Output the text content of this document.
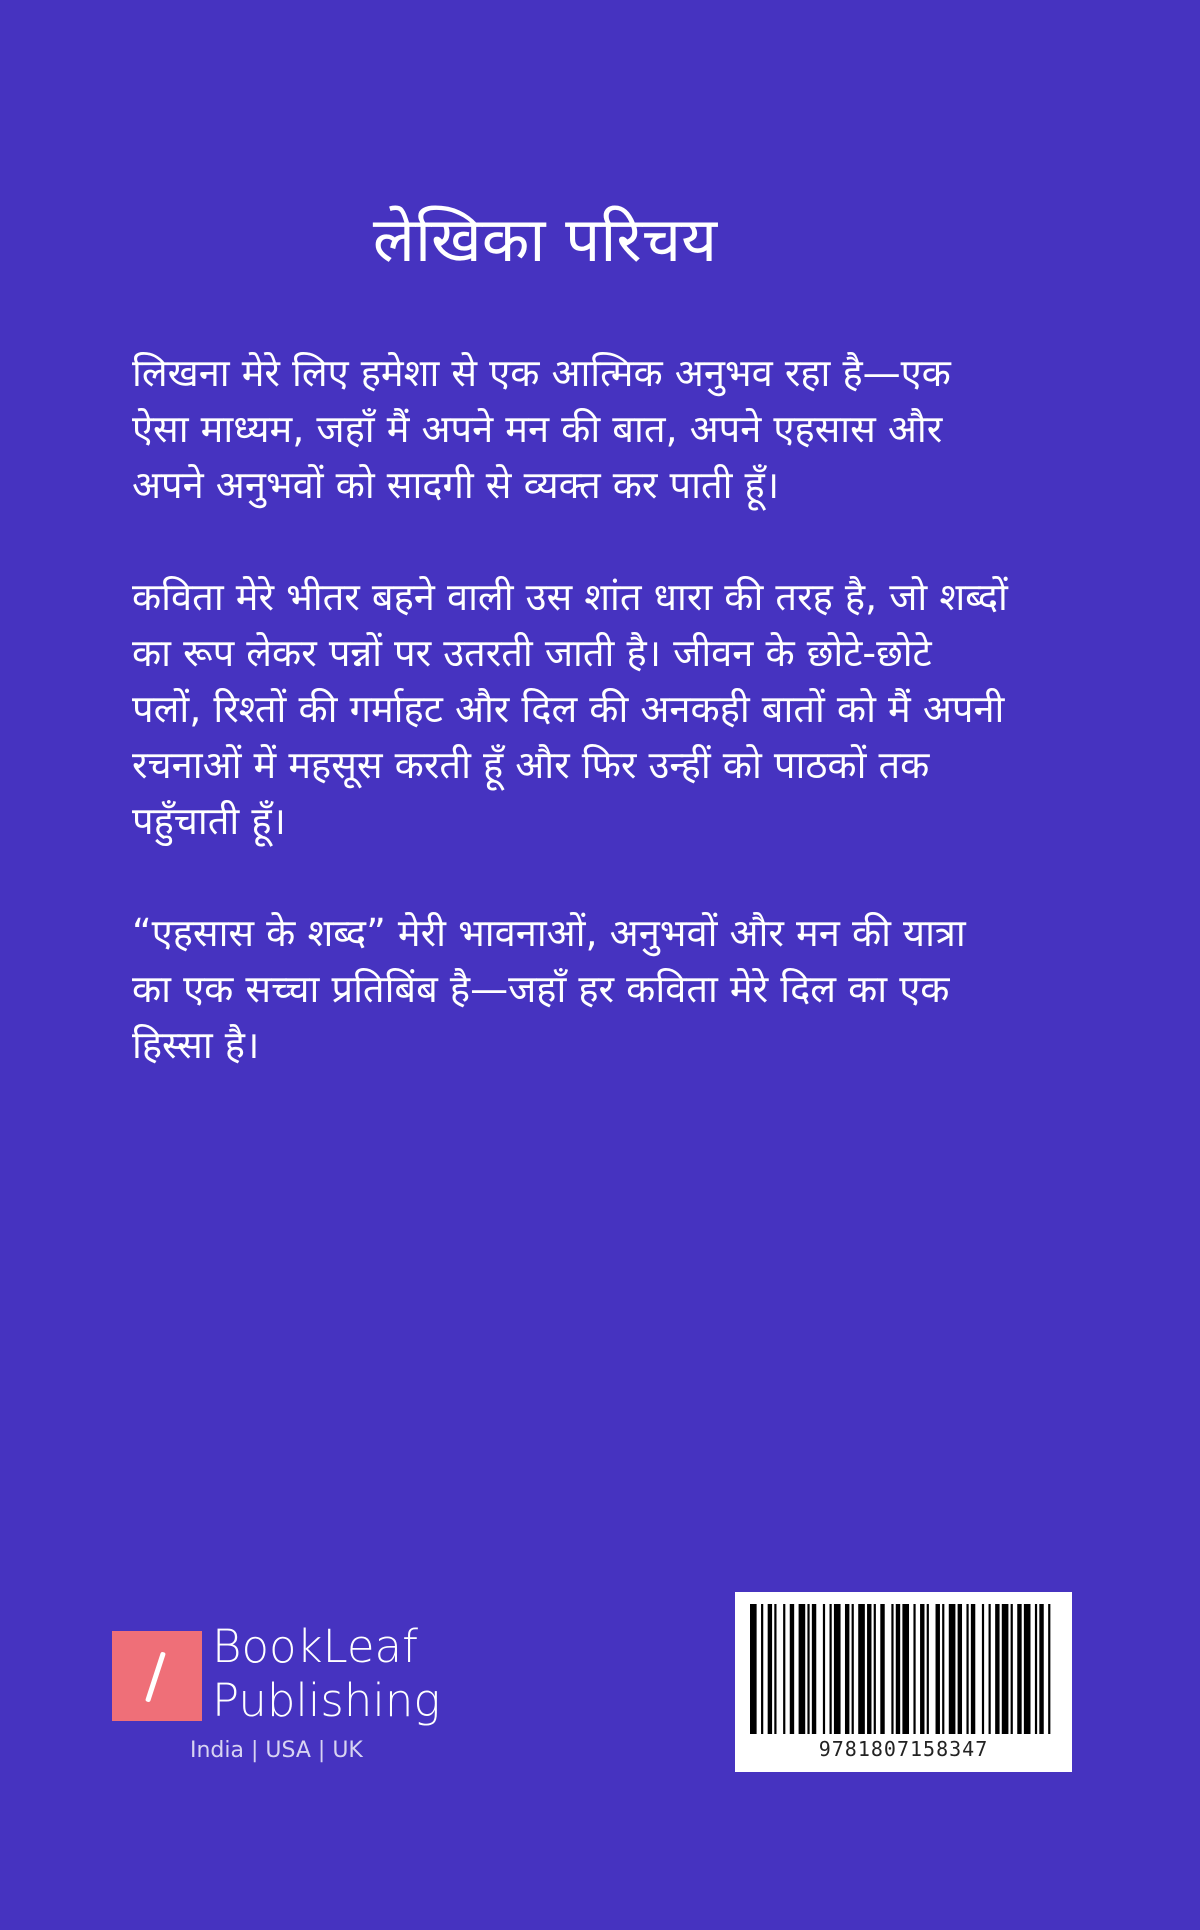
लेखिका परिचय

लिखना मेरे लिए हमेशा से एक आत्मिक अनुभव रहा है—एक ऐसा माध्यम, जहाँ मैं अपने मन की बात, अपने एहसास और अपने अनुभवों को सादगी से व्यक्त कर पाती हूँ।

कविता मेरे भीतर बहने वाली उस शांत धारा की तरह है, जो शब्दों का रूप लेकर पन्नों पर उतरती जाती है। जीवन के छोटे-छोटे पलों, रिश्तों की गर्माहट और दिल की अनकही बातों को मैं अपनी रचनाओं में महसूस करती हूँ और फिर उन्हीं को पाठकों तक पहुँचाती हूँ।

“एहसास के शब्द” मेरी भावनाओं, अनुभवों और मन की यात्रा का एक सच्चा प्रतिबिंब है—जहाँ हर कविता मेरे दिल का एक हिस्सा है।

BookLeaf
Publishing
India | USA | UK	9781807158347
